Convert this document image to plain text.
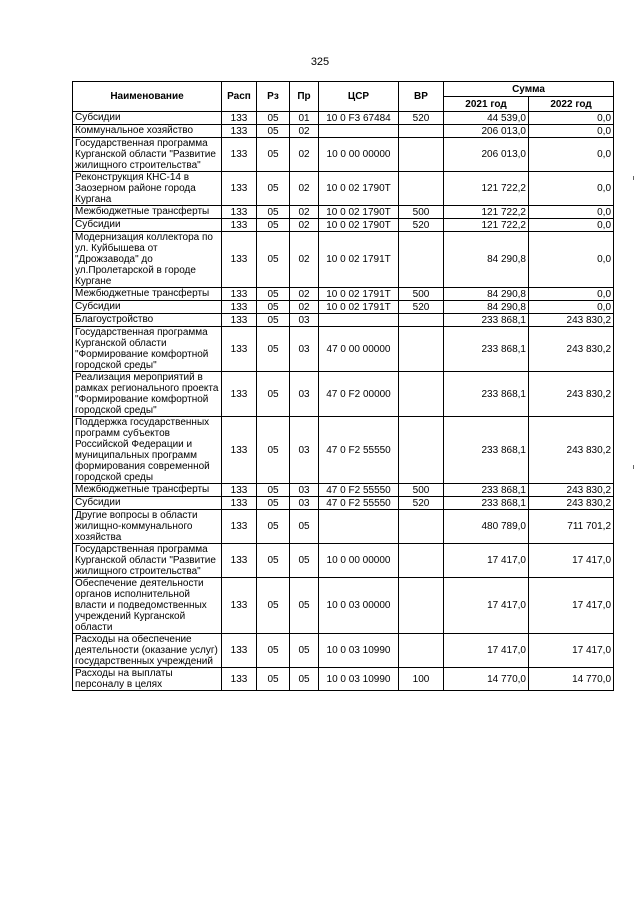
325
Наименование	Расп	Рз	Пр	ЦСР	ВР	Сумма	
						2021 год	2022 год
Субсидии	133	05	01	10 0 F3 67484	520	44 539,0	0,0
Коммунальное хозяйство	133	05	02			206 013,0	0,0
Государственная программа Курганской области "Развитие жилищного строительства"	133	05	02	10 0 00 00000		206 013,0	0,0
Реконструкция КНС-14 в Заозерном районе города Кургана	133	05	02	10 0 02 1790Т		121 722,2	0,0
Межбюджетные трансферты	133	05	02	10 0 02 1790Т	500	121 722,2	0,0
Субсидии	133	05	02	10 0 02 1790Т	520	121 722,2	0,0
Модернизация коллектора по ул. Куйбышева от "Дрожзавода" до ул.Пролетарской в городе Кургане	133	05	02	10 0 02 1791Т		84 290,8	0,0
Межбюджетные трансферты	133	05	02	10 0 02 1791Т	500	84 290,8	0,0
Субсидии	133	05	02	10 0 02 1791Т	520	84 290,8	0,0
Благоустройство	133	05	03			233 868,1	243 830,2
Государственная программа Курганской области "Формирование комфортной городской среды"	133	05	03	47 0 00 00000		233 868,1	243 830,2
Реализация мероприятий в рамках регионального проекта "Формирование комфортной городской среды"	133	05	03	47 0 F2 00000		233 868,1	243 830,2
Поддержка государственных программ субъектов Российской Федерации и муниципальных программ формирования современной городской среды	133	05	03	47 0 F2 55550		233 868,1	243 830,2
Межбюджетные трансферты	133	05	03	47 0 F2 55550	500	233 868,1	243 830,2
Субсидии	133	05	03	47 0 F2 55550	520	233 868,1	243 830,2
Другие вопросы в области жилищно-коммунального хозяйства	133	05	05			480 789,0	711 701,2
Государственная программа Курганской области "Развитие жилищного строительства"	133	05	05	10 0 00 00000		17 417,0	17 417,0
Обеспечение деятельности органов исполнительной власти и подведомственных учреждений Курганской области	133	05	05	10 0 03 00000		17 417,0	17 417,0
Расходы на обеспечение деятельности (оказание услуг) государственных учреждений	133	05	05	10 0 03 10990		17 417,0	17 417,0
Расходы на выплаты персоналу в целях	133	05	05	10 0 03 10990	100	14 770,0	14 770,0
